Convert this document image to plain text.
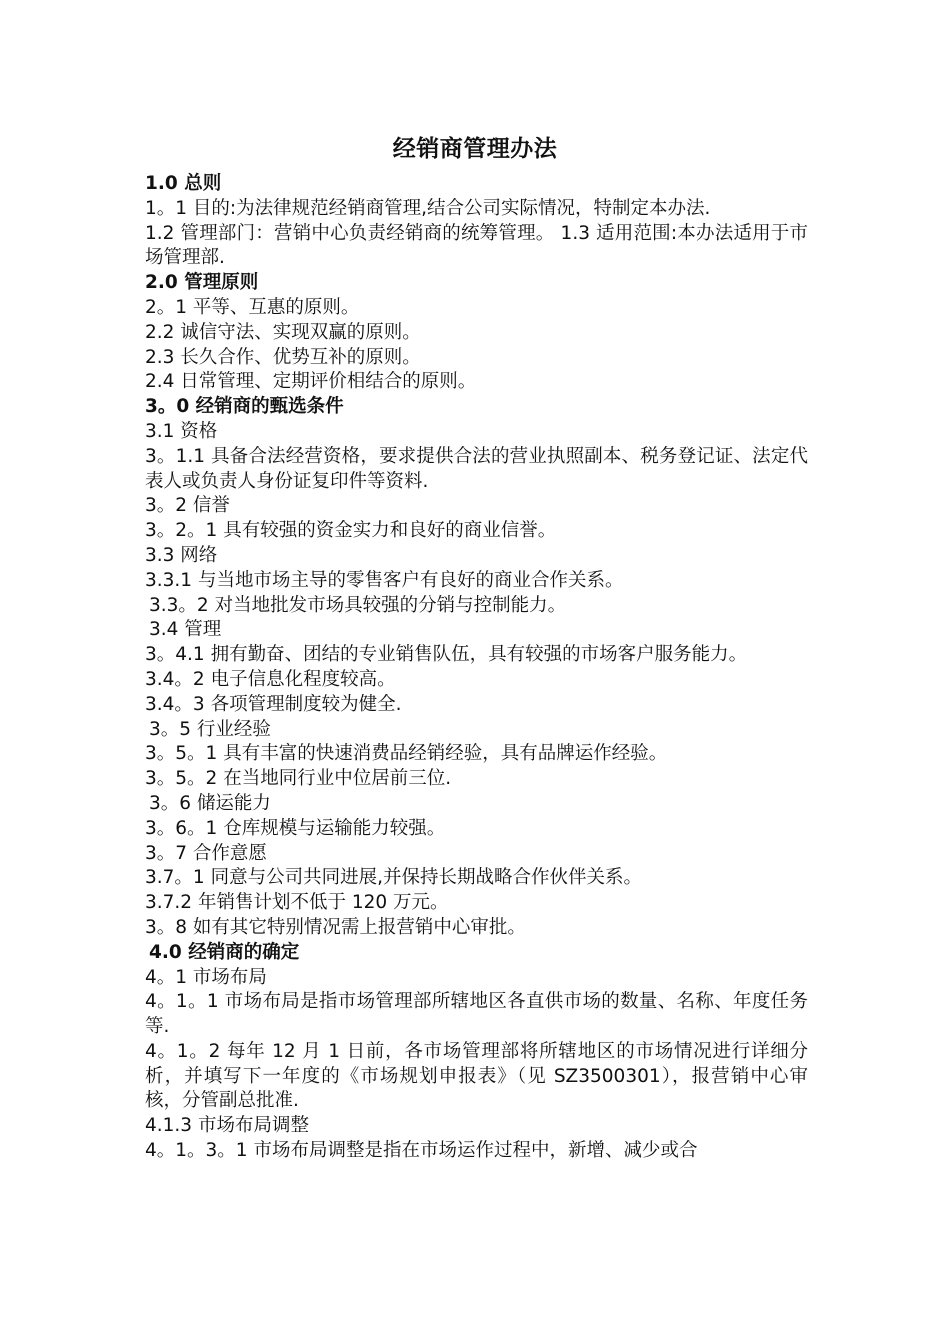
经销商管理办法
1.0 总则
1。1 目的:为法律规范经销商管理,结合公司实际情况，特制定本办法.
1.2 管理部门：营销中心负责经销商的统筹管理。 1.3 适用范围:本办法适用于市场管理部.
2.0 管理原则
2。1 平等、互惠的原则。
2.2 诚信守法、实现双赢的原则。
2.3 长久合作、优势互补的原则。
2.4 日常管理、定期评价相结合的原则。
3。0 经销商的甄选条件
3.1 资格
3。1.1 具备合法经营资格，要求提供合法的营业执照副本、税务登记证、法定代表人或负责人身份证复印件等资料.
3。2 信誉
3。2。1 具有较强的资金实力和良好的商业信誉。
3.3 网络
3.3.1 与当地市场主导的零售客户有良好的商业合作关系。
3.3。2 对当地批发市场具较强的分销与控制能力。
3.4 管理
3。4.1 拥有勤奋、团结的专业销售队伍，具有较强的市场客户服务能力。
3.4。2 电子信息化程度较高。
3.4。3 各项管理制度较为健全.
3。5 行业经验
3。5。1 具有丰富的快速消费品经销经验，具有品牌运作经验。
3。5。2 在当地同行业中位居前三位.
3。6 储运能力
3。6。1 仓库规模与运输能力较强。
3。7 合作意愿
3.7。1 同意与公司共同进展,并保持长期战略合作伙伴关系。
3.7.2 年销售计划不低于 120 万元。
3。8 如有其它特别情况需上报营销中心审批。
4.0 经销商的确定
4。1 市场布局
4。1。1 市场布局是指市场管理部所辖地区各直供市场的数量、名称、年度任务等.
4。1。2 每年 12 月 1 日前，各市场管理部将所辖地区的市场情况进行详细分析，并填写下一年度的《市场规划申报表》（见 SZ3500301），报营销中心审核，分管副总批准.
4.1.3 市场布局调整
4。1。3。1 市场布局调整是指在市场运作过程中，新增、减少或合
